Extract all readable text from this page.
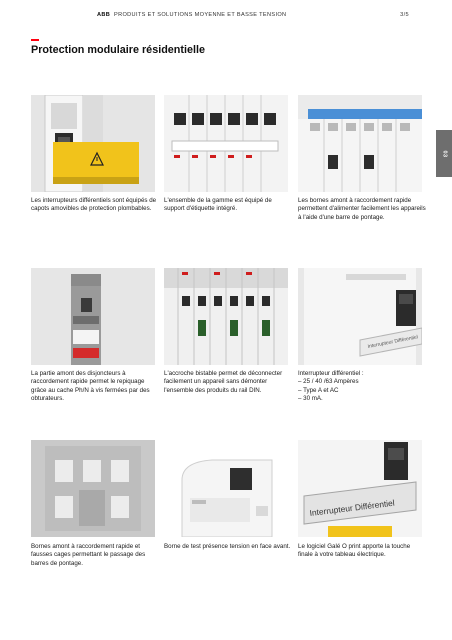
ABB PRODUITS ET SOLUTIONS MOYENNE ET BASSE TENSION	3/5
Protection modulaire résidentielle
03
Les interrupteurs différentiels sont équipés de capots amovibles de protection plombables.
L'ensemble de la gamme est équipé de support d'étiquette intégré.
Les bornes amont à raccordement rapide permettent d'alimenter facilement les appareils à l'aide d'une barre de pontage.
La partie amont des disjoncteurs à raccordement rapide permet le repiquage grâce au cache Ph/N à vis fermées par des obturateurs.
L'accroche bistable permet de déconnecter facilement un appareil sans démonter l'ensemble des produits du rail DIN.
Interrupteur Différentiel
Interrupteur différentiel :
– 25 / 40 /63 Ampères
– Type A et AC
– 30 mA.
Bornes amont à raccordement rapide et fausses cages permettant le passage des barres de pontage.
Borne de test présence tension en face avant.
Interrupteur Différentiel
Le logiciel Galé O print apporte la touche finale à votre tableau électrique.
